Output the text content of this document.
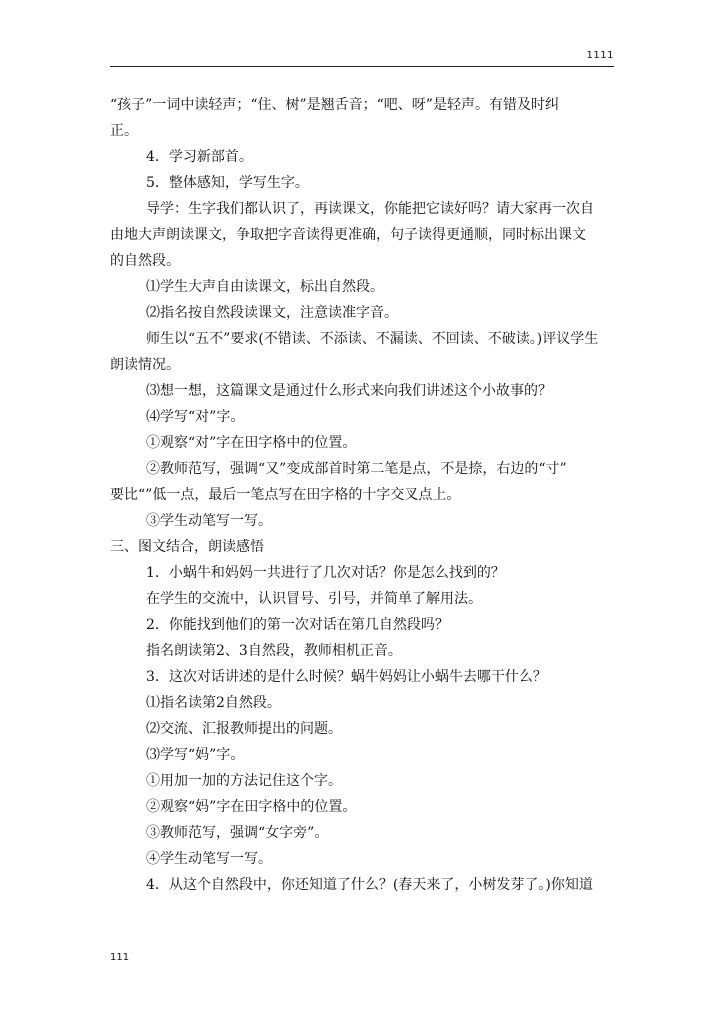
1111
“孩子”一词中读轻声；“住、树”是翘舌音；“吧、呀”是轻声。有错及时纠
正。
4．学习新部首。
5．整体感知，学写生字。
导学：生字我们都认识了，再读课文，你能把它读好吗？请大家再一次自
由地大声朗读课文，争取把字音读得更准确，句子读得更通顺，同时标出课文
的自然段。
⑴学生大声自由读课文，标出自然段。
⑵指名按自然段读课文，注意读准字音。
师生以“五不”要求(不错读、不添读、不漏读、不回读、不破读。)评议学生
朗读情况。
⑶想一想，这篇课文是通过什么形式来向我们讲述这个小故事的？
⑷学写“对”字。
①观察“对”字在田字格中的位置。
②教师范写，强调“又”变成部首时第二笔是点，不是捺，右边的“寸”
要比“”低一点，最后一笔点写在田字格的十字交叉点上。
③学生动笔写一写。
三、图文结合，朗读感悟
1．小蜗牛和妈妈一共进行了几次对话？你是怎么找到的？
在学生的交流中，认识冒号、引号，并简单了解用法。
2．你能找到他们的第一次对话在第几自然段吗？
指名朗读第2、3自然段，教师相机正音。
3．这次对话讲述的是什么时候？蜗牛妈妈让小蜗牛去哪干什么？
⑴指名读第2自然段。
⑵交流、汇报教师提出的问题。
⑶学写“妈”字。
①用加一加的方法记住这个字。
②观察“妈”字在田字格中的位置。
③教师范写，强调“女字旁”。
④学生动笔写一写。
4．从这个自然段中，你还知道了什么？(春天来了，小树发芽了。)你知道
111
